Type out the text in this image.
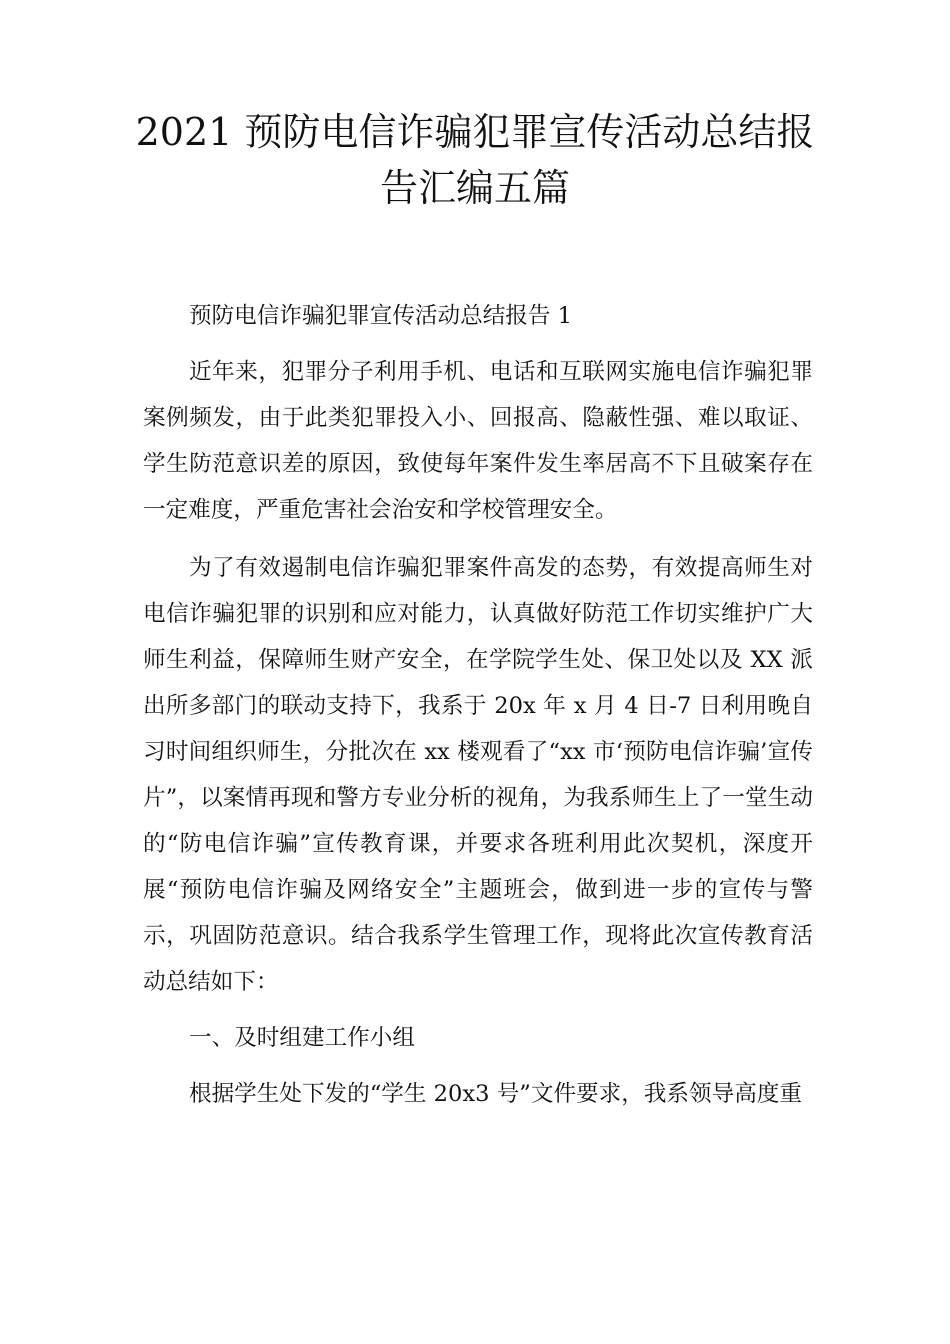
2021 预防电信诈骗犯罪宣传活动总结报
告汇编五篇

预防电信诈骗犯罪宣传活动总结报告 1

近年来，犯罪分子利用手机、电话和互联网实施电信诈骗犯罪案例频发，由于此类犯罪投入小、回报高、隐蔽性强、难以取证、学生防范意识差的原因，致使每年案件发生率居高不下且破案存在一定难度，严重危害社会治安和学校管理安全。

为了有效遏制电信诈骗犯罪案件高发的态势，有效提高师生对电信诈骗犯罪的识别和应对能力，认真做好防范工作切实维护广大师生利益，保障师生财产安全，在学院学生处、保卫处以及 XX 派出所多部门的联动支持下，我系于 20x 年 x 月 4 日-7 日利用晚自习时间组织师生，分批次在 xx 楼观看了“xx 市‘预防电信诈骗’宣传片”，以案情再现和警方专业分析的视角，为我系师生上了一堂生动的“防电信诈骗”宣传教育课，并要求各班利用此次契机，深度开展“预防电信诈骗及网络安全”主题班会，做到进一步的宣传与警示，巩固防范意识。结合我系学生管理工作，现将此次宣传教育活动总结如下：

一、及时组建工作小组

根据学生处下发的“学生 20x3 号”文件要求，我系领导高度重
